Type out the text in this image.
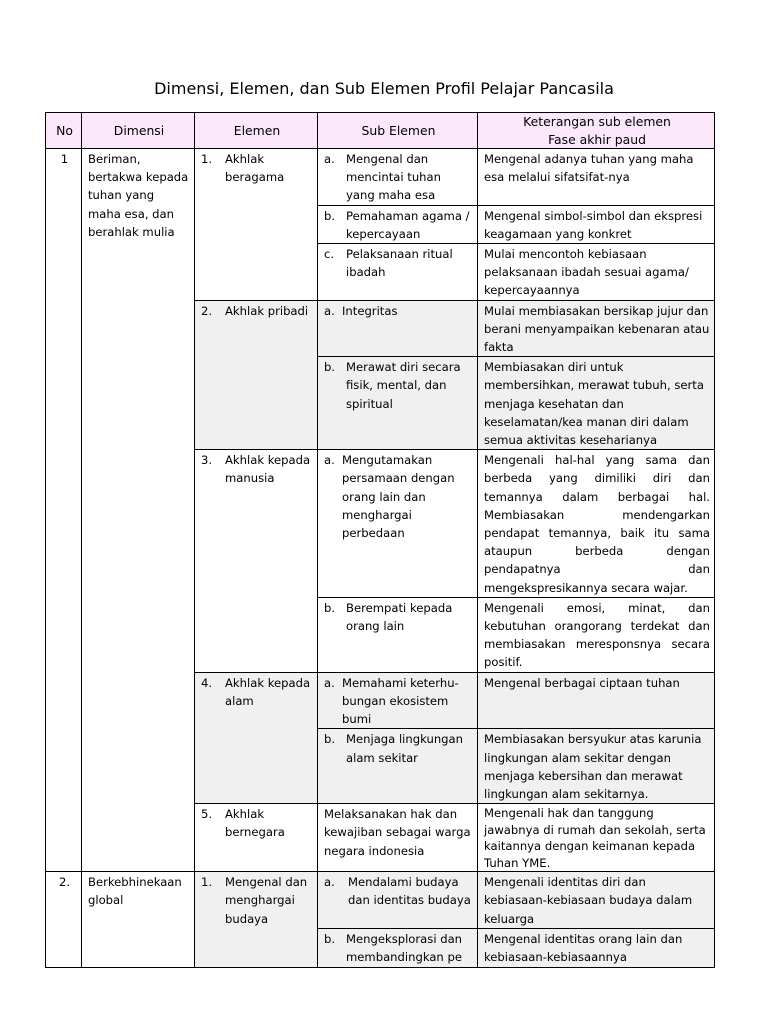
Dimensi, Elemen, dan Sub Elemen Profil Pelajar Pancasila
No	Dimensi	Elemen	Sub Elemen	Keterangan sub elemen
Fase akhir paud

1	Beriman, bertakwa kepada tuhan yang maha esa, dan berahlak mulia	1. Akhlak beragama	a. Mengenal dan mencintai tuhan yang maha esa	Mengenal adanya tuhan yang maha esa melalui sifatsifat-nya

			b. Pemahaman agama / kepercayaan	Mengenal simbol-simbol dan ekspresi keagamaan yang konkret

			c. Pelaksanaan ritual ibadah	Mulai mencontoh kebiasaan pelaksanaan ibadah sesuai agama/ kepercayaannya

		2. Akhlak pribadi	a. Integritas	Mulai membiasakan bersikap jujur dan berani menyampaikan kebenaran atau fakta

			b. Merawat diri secara fisik, mental, dan spiritual	Membiasakan diri untuk membersihkan, merawat tubuh, serta menjaga kesehatan dan keselamatan/kea manan diri dalam semua aktivitas keseharianya

		3. Akhlak kepada manusia	a. Mengutamakan persamaan dengan orang lain dan menghargai perbedaan	Mengenali hal-hal yang sama dan berbeda yang dimiliki diri dan temannya dalam berbagai hal. Membiasakan mendengarkan pendapat temannya, baik itu sama ataupun berbeda dengan pendapatnya dan mengekspresikannya secara wajar.

			b. Berempati kepada orang lain	Mengenali emosi, minat, dan kebutuhan orangorang terdekat dan membiasakan meresponsnya secara positif.

		4. Akhlak kepada alam	a. Memahami keterhu-bungan ekosistem bumi	Mengenal berbagai ciptaan tuhan

			b. Menjaga lingkungan alam sekitar	Membiasakan bersyukur atas karunia lingkungan alam sekitar dengan menjaga kebersihan dan merawat lingkungan alam sekitarnya.

		5. Akhlak bernegara	Melaksanakan hak dan kewajiban sebagai warga negara indonesia	Mengenali hak dan tanggung jawabnya di rumah dan sekolah, serta kaitannya dengan keimanan kepada Tuhan YME.

2.	Berkebhinekaan global	1. Mengenal dan menghargai budaya	a. Mendalami budaya dan identitas budaya	Mengenali identitas diri dan kebiasaan-kebiasaan budaya dalam keluarga

			b. Mengeksplorasi dan membandingkan pe	Mengenal identitas orang lain dan kebiasaan-kebiasaannya
